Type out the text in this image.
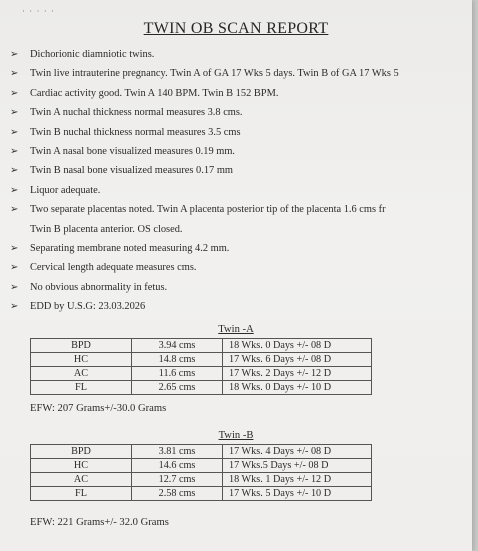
· · · · ·
TWIN OB SCAN REPORT
➢ Dichorionic diamniotic twins.
➢ Twin live intrauterine pregnancy. Twin A of GA 17 Wks 5 days. Twin B of GA 17 Wks 5
➢ Cardiac activity good. Twin A 140 BPM. Twin B 152 BPM.
➢ Twin A nuchal thickness normal measures 3.8 cms.
➢ Twin B nuchal thickness normal measures 3.5 cms
➢ Twin A nasal bone visualized measures 0.19 mm.
➢ Twin B nasal bone visualized measures 0.17 mm
➢ Liquor adequate.
➢ Two separate placentas noted. Twin A placenta posterior tip of the placenta 1.6 cms fr
Twin B placenta anterior. OS closed.
➢ Separating membrane noted measuring 4.2 mm.
➢ Cervical length adequate measures cms.
➢ No obvious abnormality in fetus.
➢ EDD by U.S.G: 23.03.2026
Twin -A
BPD	3.94 cms	18 Wks. 0 Days +/- 08 D
HC	14.8 cms	17 Wks. 6 Days +/- 08 D
AC	11.6 cms	17 Wks. 2 Days +/- 12 D
FL	2.65 cms	18 Wks. 0 Days +/- 10 D
EFW: 207 Grams+/-30.0 Grams
Twin -B
BPD	3.81 cms	17 Wks. 4 Days +/- 08 D
HC	14.6 cms	17 Wks.5 Days +/- 08 D
AC	12.7 cms	18 Wks. 1 Days +/- 12 D
FL	2.58 cms	17 Wks. 5 Days +/- 10 D
EFW: 221 Grams+/- 32.0 Grams
